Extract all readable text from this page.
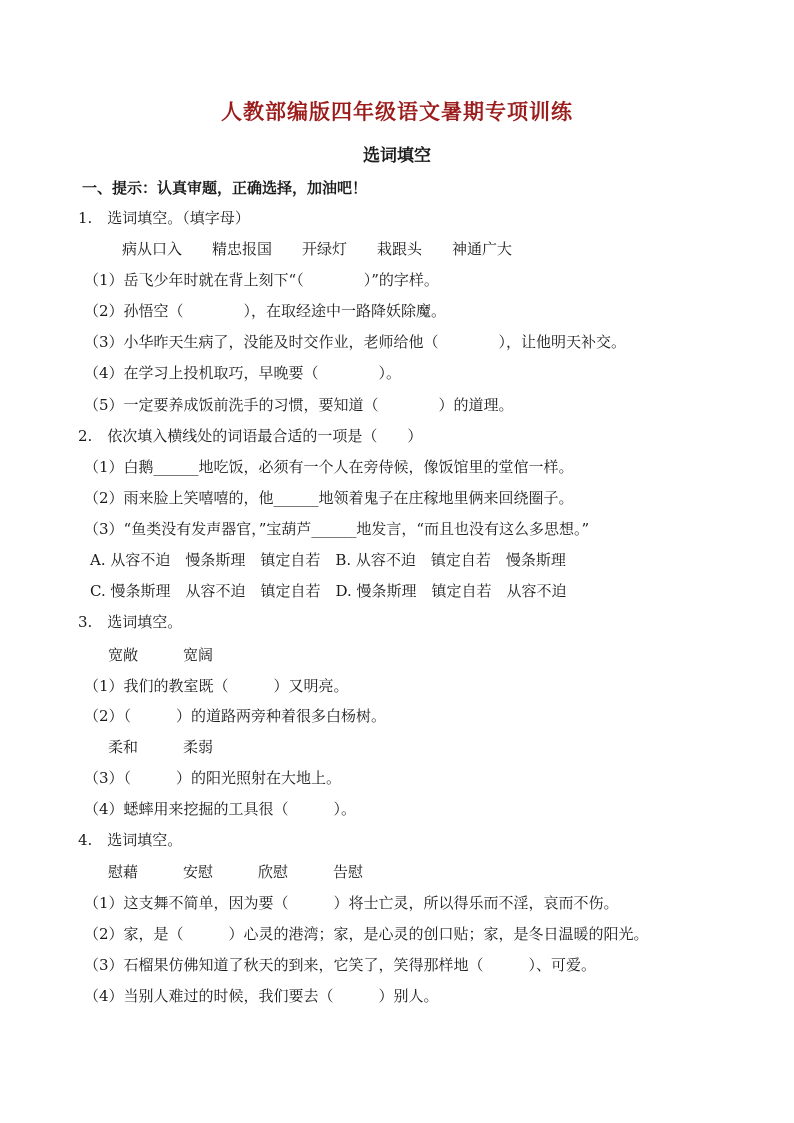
人教部编版四年级语文暑期专项训练
选词填空
一、提示：认真审题，正确选择，加油吧！
1.　选词填空。（填字母）
病从口入　　精忠报国　　开绿灯　　栽跟头　　神通广大
（1）岳飞少年时就在背上刻下“（　　　　）”的字样。
（2）孙悟空（　　　　），在取经途中一路降妖除魔。
（3）小华昨天生病了，没能及时交作业，老师给他（　　　　），让他明天补交。
（4）在学习上投机取巧，早晚要（　　　　）。
（5）一定要养成饭前洗手的习惯，要知道（　　　　）的道理。
2.　依次填入横线处的词语最合适的一项是（　　）
（1）白鹅______地吃饭，必须有一个人在旁侍候，像饭馆里的堂倌一样。
（2）雨来脸上笑嘻嘻的，他______地领着鬼子在庄稼地里俩来回绕圈子。
（3）“鱼类没有发声器官，”宝葫芦______地发言，“而且也没有这么多思想。”
A. 从容不迫　慢条斯理　镇定自若　B. 从容不迫　镇定自若　慢条斯理
C. 慢条斯理　从容不迫　镇定自若　D. 慢条斯理　镇定自若　从容不迫
3.　选词填空。
宽敞　　　宽阔
（1）我们的教室既（　　　）又明亮。
（2）（　　　）的道路两旁种着很多白杨树。
柔和　　　柔弱
（3）（　　　）的阳光照射在大地上。
（4）蟋蟀用来挖掘的工具很（　　　）。
4.　选词填空。
慰藉　　　安慰　　　欣慰　　　告慰
（1）这支舞不简单，因为要（　　　）将士亡灵，所以得乐而不淫，哀而不伤。
（2）家，是（　　　）心灵的港湾；家，是心灵的创口贴；家，是冬日温暖的阳光。
（3）石榴果仿佛知道了秋天的到来，它笑了，笑得那样地（　　　）、可爱。
（4）当别人难过的时候，我们要去（　　　）别人。
